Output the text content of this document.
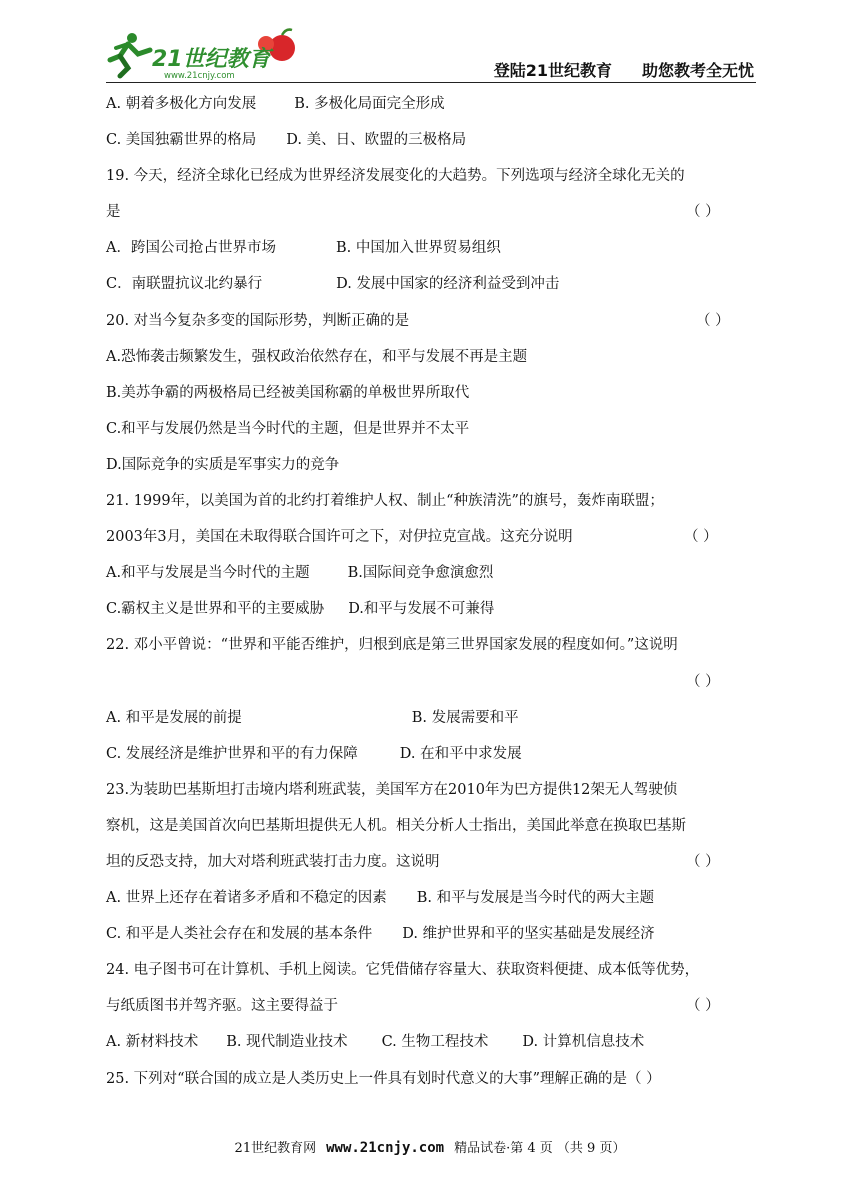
21世纪教育
www.21cnjy.com	登陆21世纪教育 助您教考全无忧
A. 朝着多极化方向发展	B. 多极化局面完全形成
C. 美国独霸世界的格局 D. 美、日、欧盟的三极格局
19. 今天，经济全球化已经成为世界经济发展变化的大趋势。下列选项与经济全球化无关的
是	（ ）
A．跨国公司抢占世界市场	B. 中国加入世界贸易组织
C．南联盟抗议北约暴行	D. 发展中国家的经济利益受到冲击
20. 对当今复杂多变的国际形势，判断正确的是	（ ）
A.恐怖袭击频繁发生，强权政治依然存在，和平与发展不再是主题
B.美苏争霸的两极格局已经被美国称霸的单极世界所取代
C.和平与发展仍然是当今时代的主题，但是世界并不太平
D.国际竞争的实质是军事实力的竞争
21. 1999年，以美国为首的北约打着维护人权、制止“种族清洗”的旗号，轰炸南联盟；
2003年3月，美国在未取得联合国许可之下，对伊拉克宣战。这充分说明	（ ）
A.和平与发展是当今时代的主题	B.国际间竞争愈演愈烈
C.霸权主义是世界和平的主要威胁 D.和平与发展不可兼得
22. 邓小平曾说：“世界和平能否维护，归根到底是第三世界国家发展的程度如何。”这说明
（ ）
A. 和平是发展的前提	B. 发展需要和平
C. 发展经济是维护世界和平的有力保障	D. 在和平中求发展
23.为装助巴基斯坦打击境内塔利班武装，美国军方在2010年为巴方提供12架无人驾驶侦
察机，这是美国首次向巴基斯坦提供无人机。相关分析人士指出，美国此举意在换取巴基斯
坦的反恐支持，加大对塔利班武装打击力度。这说明	（ ）
A. 世界上还存在着诸多矛盾和不稳定的因素 B. 和平与发展是当今时代的两大主题
C. 和平是人类社会存在和发展的基本条件 D. 维护世界和平的坚实基础是发展经济
24. 电子图书可在计算机、手机上阅读。它凭借储存容量大、获取资料便捷、成本低等优势，
与纸质图书并驾齐驱。这主要得益于	（ ）
A. 新材料技术 B. 现代制造业技术 C. 生物工程技术 D. 计算机信息技术
25. 下列对“联合国的成立是人类历史上一件具有划时代意义的大事”理解正确的是（ ）
21世纪教育网 www.21cnjy.com 精品试卷·第 4 页 （共 9 页）
